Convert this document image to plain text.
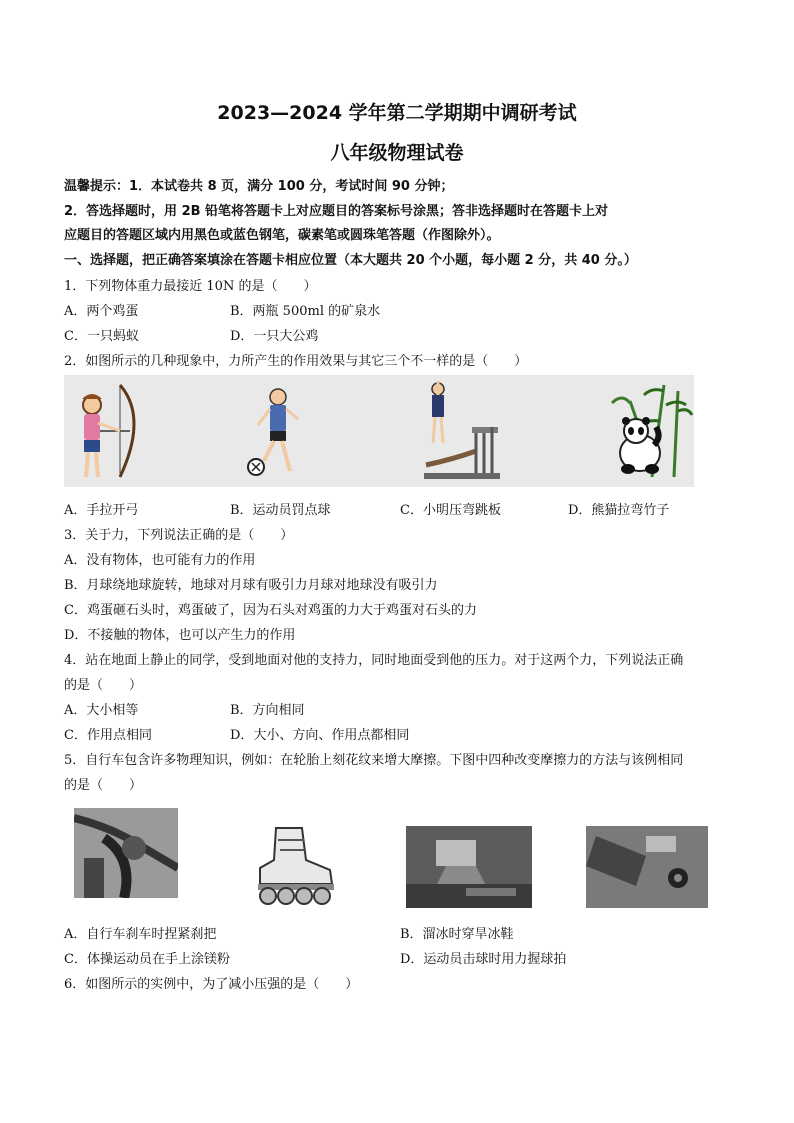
2023—2024 学年第二学期期中调研考试
八年级物理试卷
温馨提示：1．本试卷共 8 页，满分 100 分，考试时间 90 分钟；
2．答选择题时，用 2B 铅笔将答题卡上对应题目的答案标号涂黑；答非选择题时在答题卡上对
应题目的答题区域内用黑色或蓝色钢笔，碳素笔或圆珠笔答题（作图除外）。
一、选择题，把正确答案填涂在答题卡相应位置（本大题共 20 个小题，每小题 2 分，共 40 分。）
1．下列物体重力最接近 10N 的是（　　）
A．两个鸡蛋	B．两瓶 500ml 的矿泉水
C．一只蚂蚁	D．一只大公鸡
2．如图所示的几种现象中，力所产生的作用效果与其它三个不一样的是（　　）
A．手拉开弓	B．运动员罚点球	C．小明压弯跳板	D．熊猫拉弯竹子
3．关于力，下列说法正确的是（　　）
A．没有物体，也可能有力的作用
B．月球绕地球旋转，地球对月球有吸引力月球对地球没有吸引力
C．鸡蛋砸石头时，鸡蛋破了，因为石头对鸡蛋的力大于鸡蛋对石头的力
D．不接触的物体，也可以产生力的作用
4．站在地面上静止的同学，受到地面对他的支持力，同时地面受到他的压力。对于这两个力，下列说法正确
的是（　　）
A．大小相等	B．方向相同
C．作用点相同	D．大小、方向、作用点都相同
5．自行车包含许多物理知识，例如：在轮胎上刻花纹来增大摩擦。下图中四种改变摩擦力的方法与该例相同
的是（　　）
A．自行车刹车时捏紧刹把	B．溜冰时穿旱冰鞋
C．体操运动员在手上涂镁粉	D．运动员击球时用力握球拍
6．如图所示的实例中，为了减小压强的是（　　）
